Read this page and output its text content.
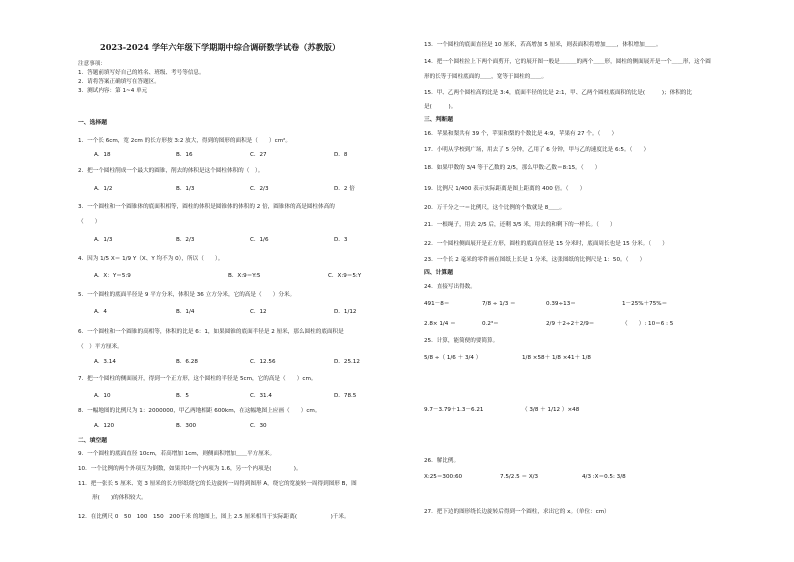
2023-2024 学年六年级下学期期中综合调研数学试卷（苏教版）
注意事项：
1．答题前填写好自己的姓名、班级、考号等信息。
2．请将答案正确填写在答题区。
3．测试内容：第 1~4 单元
一、选择题
1．一个长 6cm，宽 2cm 的长方形按 3:2 放大，得到的图形的面积是（　　）cm²。
A．18	B．16	C．27	D．8
2．把一个圆柱削成一个最大的圆锥，削去的体积是这个圆柱体积的（　）。
A．1/2	B．1/3	C．2/3	D．2 倍
3．一个圆柱和一个圆锥体的底面积相等，圆柱的体积是圆锥体的体积的 2 倍，圆锥体的高是圆柱体高的
（　　）
A．1/3	B．2/3	C．1/6	D．3
4．因为 1/5 X＝ 1/9 Y（X、Y 均不为 0），所以（　　）。
A．X：Y＝5:9	B．X:9＝Y:5	C．X:9＝5:Y
5．一个圆柱的底面半径是 9 平方分米，体积是 36 立方分米，它的高是（　　）分米。
A．4	B．1/4	C．12	D．1/12
6．一个圆柱和一个圆锥的高相等，体积的比是 6：1，如果圆锥的底面半径是 2 厘米，那么圆柱的底面积是
（　）平方厘米。
A．3.14	B．6.28	C．12.56	D．25.12
7．把一个圆柱的侧面展开，得到一个正方形，这个圆柱的半径是 5cm，它的高是（　　）cm。
A．10	B．5	C．31.4	D．78.5
8．一幅地图的比例尺为 1：2000000，甲乙两地相距 600km，在这幅地图上应画（　　）cm。
A．120	B．300	C．30
二、填空题
9．一个圆柱的底面直径 10cm，若高增加 1cm，则侧面积增加＿＿平方厘米。
10．一个比例的两个外项互为倒数，如果其中一个内项为 1.6，另一个内项是(　　　　)。
11．把一张长 5 厘米、宽 3 厘米的长方形纸绕它的长边旋转一周得到图形 A，绕它的宽旋转一周得到图形 B，图
形(　　)的体积较大。
12．在比例尺 0　50　100　150　200千米 的地图上，图上 2.5 厘米相当于实际距离(　　　　　　)千米。
13．一个圆柱的底面直径是 10 厘米，若高增加 5 厘米，则表面积将增加＿＿，体积增加＿＿。
14．把一个圆柱拉上下两个面剪开，它的展开图一般是＿＿＿的两个＿＿形，圆柱的侧面展开是一个＿＿形，这个圆
形的长等于圆柱底面的＿＿，宽等于圆柱的＿＿。
15．甲、乙两个圆柱高的比是 3:4，底面半径的比是 2:1，甲、乙两个圆柱底面积的比是(　　　)；体积的比
是(　　　)。
三、判断题
16．苹果和梨共有 39 个，苹果和梨的个数比是 4:9，苹果有 27 个。（　　）
17．小明从学校到广场，用去了 5 分钟，乙用了 6 分钟，甲与乙的速度比是 6:5。（　　）
18．如果甲数的 3/4 等于乙数的 2/5，那么甲数:乙数＝8:15。（　　）
19．比例尺 1/400 表示实际距离是图上距离的 400 倍。（　　）
20．万千分之一＝比例尺，这个比例的个数就是 8＿＿。
21．一根绳子，用去 2/5 后，还剩 3/5 米，用去的和剩下的一样长。（　　）
22．一个圆柱侧面展开是正方形，圆柱的底面直径是 15 分米时，底面周长也是 15 分米。（　　）
23．一个长 2 毫米的零件画在图纸上长是 1 分米，这张图纸的比例尺是 1：50。（　　）
四、计算题
24．直接写出得数。
491－8＝	7/8 ÷ 1/3 ＝	0.39÷13＝	1－25%＋75%＝
2.8× 1/4 ＝	0.2³＝	2/9 ＋2÷2＋2/9＝	（　　）: 10＝6 : 5
25．计算，能简便的要简算。
5/8 ÷（ 1/6 ＋ 3/4 ）	1/8 ×58＋ 1/8 ×41＋ 1/8
9.7－3.79＋1.3－6.21	（ 3/8 ＋ 1/12 ）×48
26．解比例。
X:25＝300:60	7.5/2.5 ＝ X/3	4/3 :X＝0.5: 3/8
27．把下边的图形绕长边旋转后得到一个圆柱，求出它的 x。（单位：cm）
